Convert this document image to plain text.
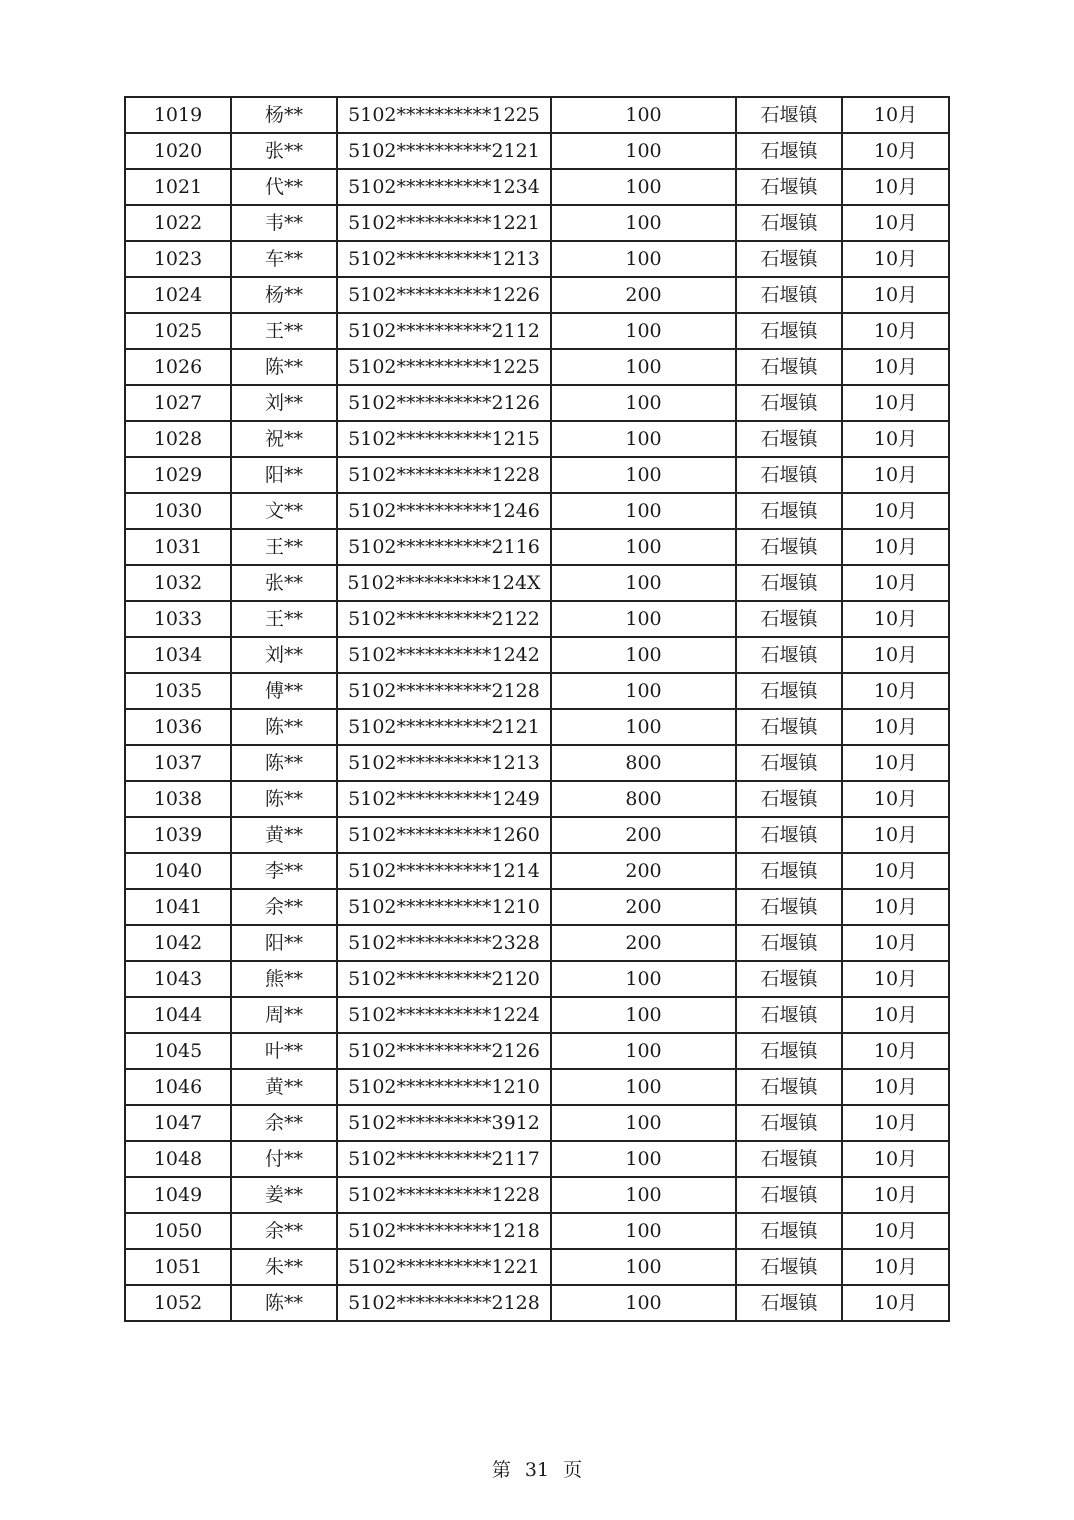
1019	杨**	5102**********1225	100	石堰镇	10月
1020	张**	5102**********2121	100	石堰镇	10月
1021	代**	5102**********1234	100	石堰镇	10月
1022	韦**	5102**********1221	100	石堰镇	10月
1023	车**	5102**********1213	100	石堰镇	10月
1024	杨**	5102**********1226	200	石堰镇	10月
1025	王**	5102**********2112	100	石堰镇	10月
1026	陈**	5102**********1225	100	石堰镇	10月
1027	刘**	5102**********2126	100	石堰镇	10月
1028	祝**	5102**********1215	100	石堰镇	10月
1029	阳**	5102**********1228	100	石堰镇	10月
1030	文**	5102**********1246	100	石堰镇	10月
1031	王**	5102**********2116	100	石堰镇	10月
1032	张**	5102**********124X	100	石堰镇	10月
1033	王**	5102**********2122	100	石堰镇	10月
1034	刘**	5102**********1242	100	石堰镇	10月
1035	傅**	5102**********2128	100	石堰镇	10月
1036	陈**	5102**********2121	100	石堰镇	10月
1037	陈**	5102**********1213	800	石堰镇	10月
1038	陈**	5102**********1249	800	石堰镇	10月
1039	黄**	5102**********1260	200	石堰镇	10月
1040	李**	5102**********1214	200	石堰镇	10月
1041	余**	5102**********1210	200	石堰镇	10月
1042	阳**	5102**********2328	200	石堰镇	10月
1043	熊**	5102**********2120	100	石堰镇	10月
1044	周**	5102**********1224	100	石堰镇	10月
1045	叶**	5102**********2126	100	石堰镇	10月
1046	黄**	5102**********1210	100	石堰镇	10月
1047	余**	5102**********3912	100	石堰镇	10月
1048	付**	5102**********2117	100	石堰镇	10月
1049	姜**	5102**********1228	100	石堰镇	10月
1050	余**	5102**********1218	100	石堰镇	10月
1051	朱**	5102**********1221	100	石堰镇	10月
1052	陈**	5102**********2128	100	石堰镇	10月
第 31 页
